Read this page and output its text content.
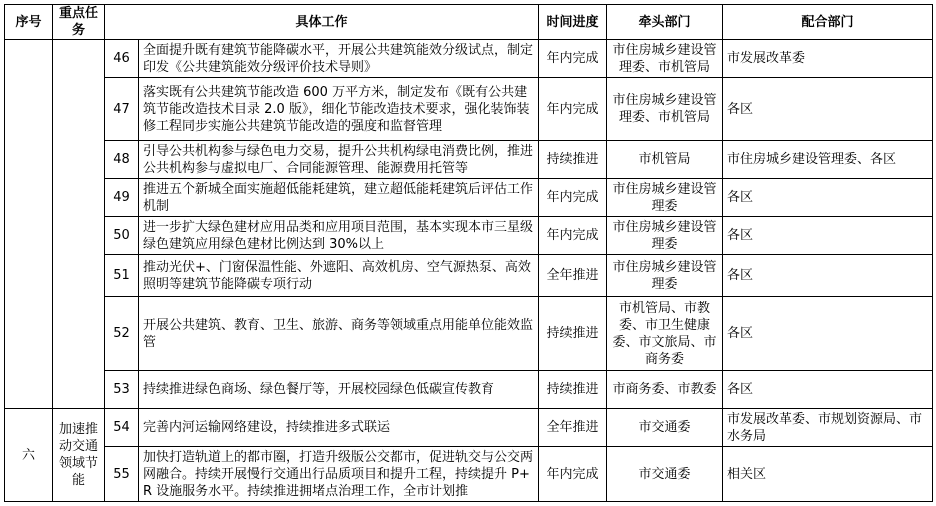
序号	重点任务	具体工作		时间进度	牵头部门	配合部门
		46	全面提升既有建筑节能降碳水平，开展公共建筑能效分级试点，制定印发《公共建筑能效分级评价技术导则》	年内完成	市住房城乡建设管理委、市机管局	市发展改革委
		47	落实既有公共建筑节能改造 600 万平方米，制定发布《既有公共建筑节能改造技术目录 2.0 版》，细化节能改造技术要求，强化装饰装修工程同步实施公共建筑节能改造的强度和监督管理	年内完成	市住房城乡建设管理委、市机管局	各区
		48	引导公共机构参与绿色电力交易，提升公共机构绿电消费比例，推进公共机构参与虚拟电厂、合同能源管理、能源费用托管等	持续推进	市机管局	市住房城乡建设管理委、各区
		49	推进五个新城全面实施超低能耗建筑，建立超低能耗建筑后评估工作机制	年内完成	市住房城乡建设管理委	各区
		50	进一步扩大绿色建材应用品类和应用项目范围，基本实现本市三星级绿色建筑应用绿色建材比例达到 30%以上	年内完成	市住房城乡建设管理委	各区
		51	推动光伏+、门窗保温性能、外遮阳、高效机房、空气源热泵、高效照明等建筑节能降碳专项行动	全年推进	市住房城乡建设管理委	各区
		52	开展公共建筑、教育、卫生、旅游、商务等领域重点用能单位能效监管	持续推进	市机管局、市教委、市卫生健康委、市文旅局、市商务委	各区
		53	持续推进绿色商场、绿色餐厅等，开展校园绿色低碳宣传教育	持续推进	市商务委、市教委	各区
六	加速推动交通领域节能	54	完善内河运输网络建设，持续推进多式联运	全年推进	市交通委	市发展改革委、市规划资源局、市水务局
		55	加快打造轨道上的都市圈，打造升级版公交都市，促进轨交与公交两网融合。持续开展慢行交通出行品质项目和提升工程，持续提升 P+R 设施服务水平。持续推进拥堵点治理工作，全市计划推	年内完成	市交通委	相关区
